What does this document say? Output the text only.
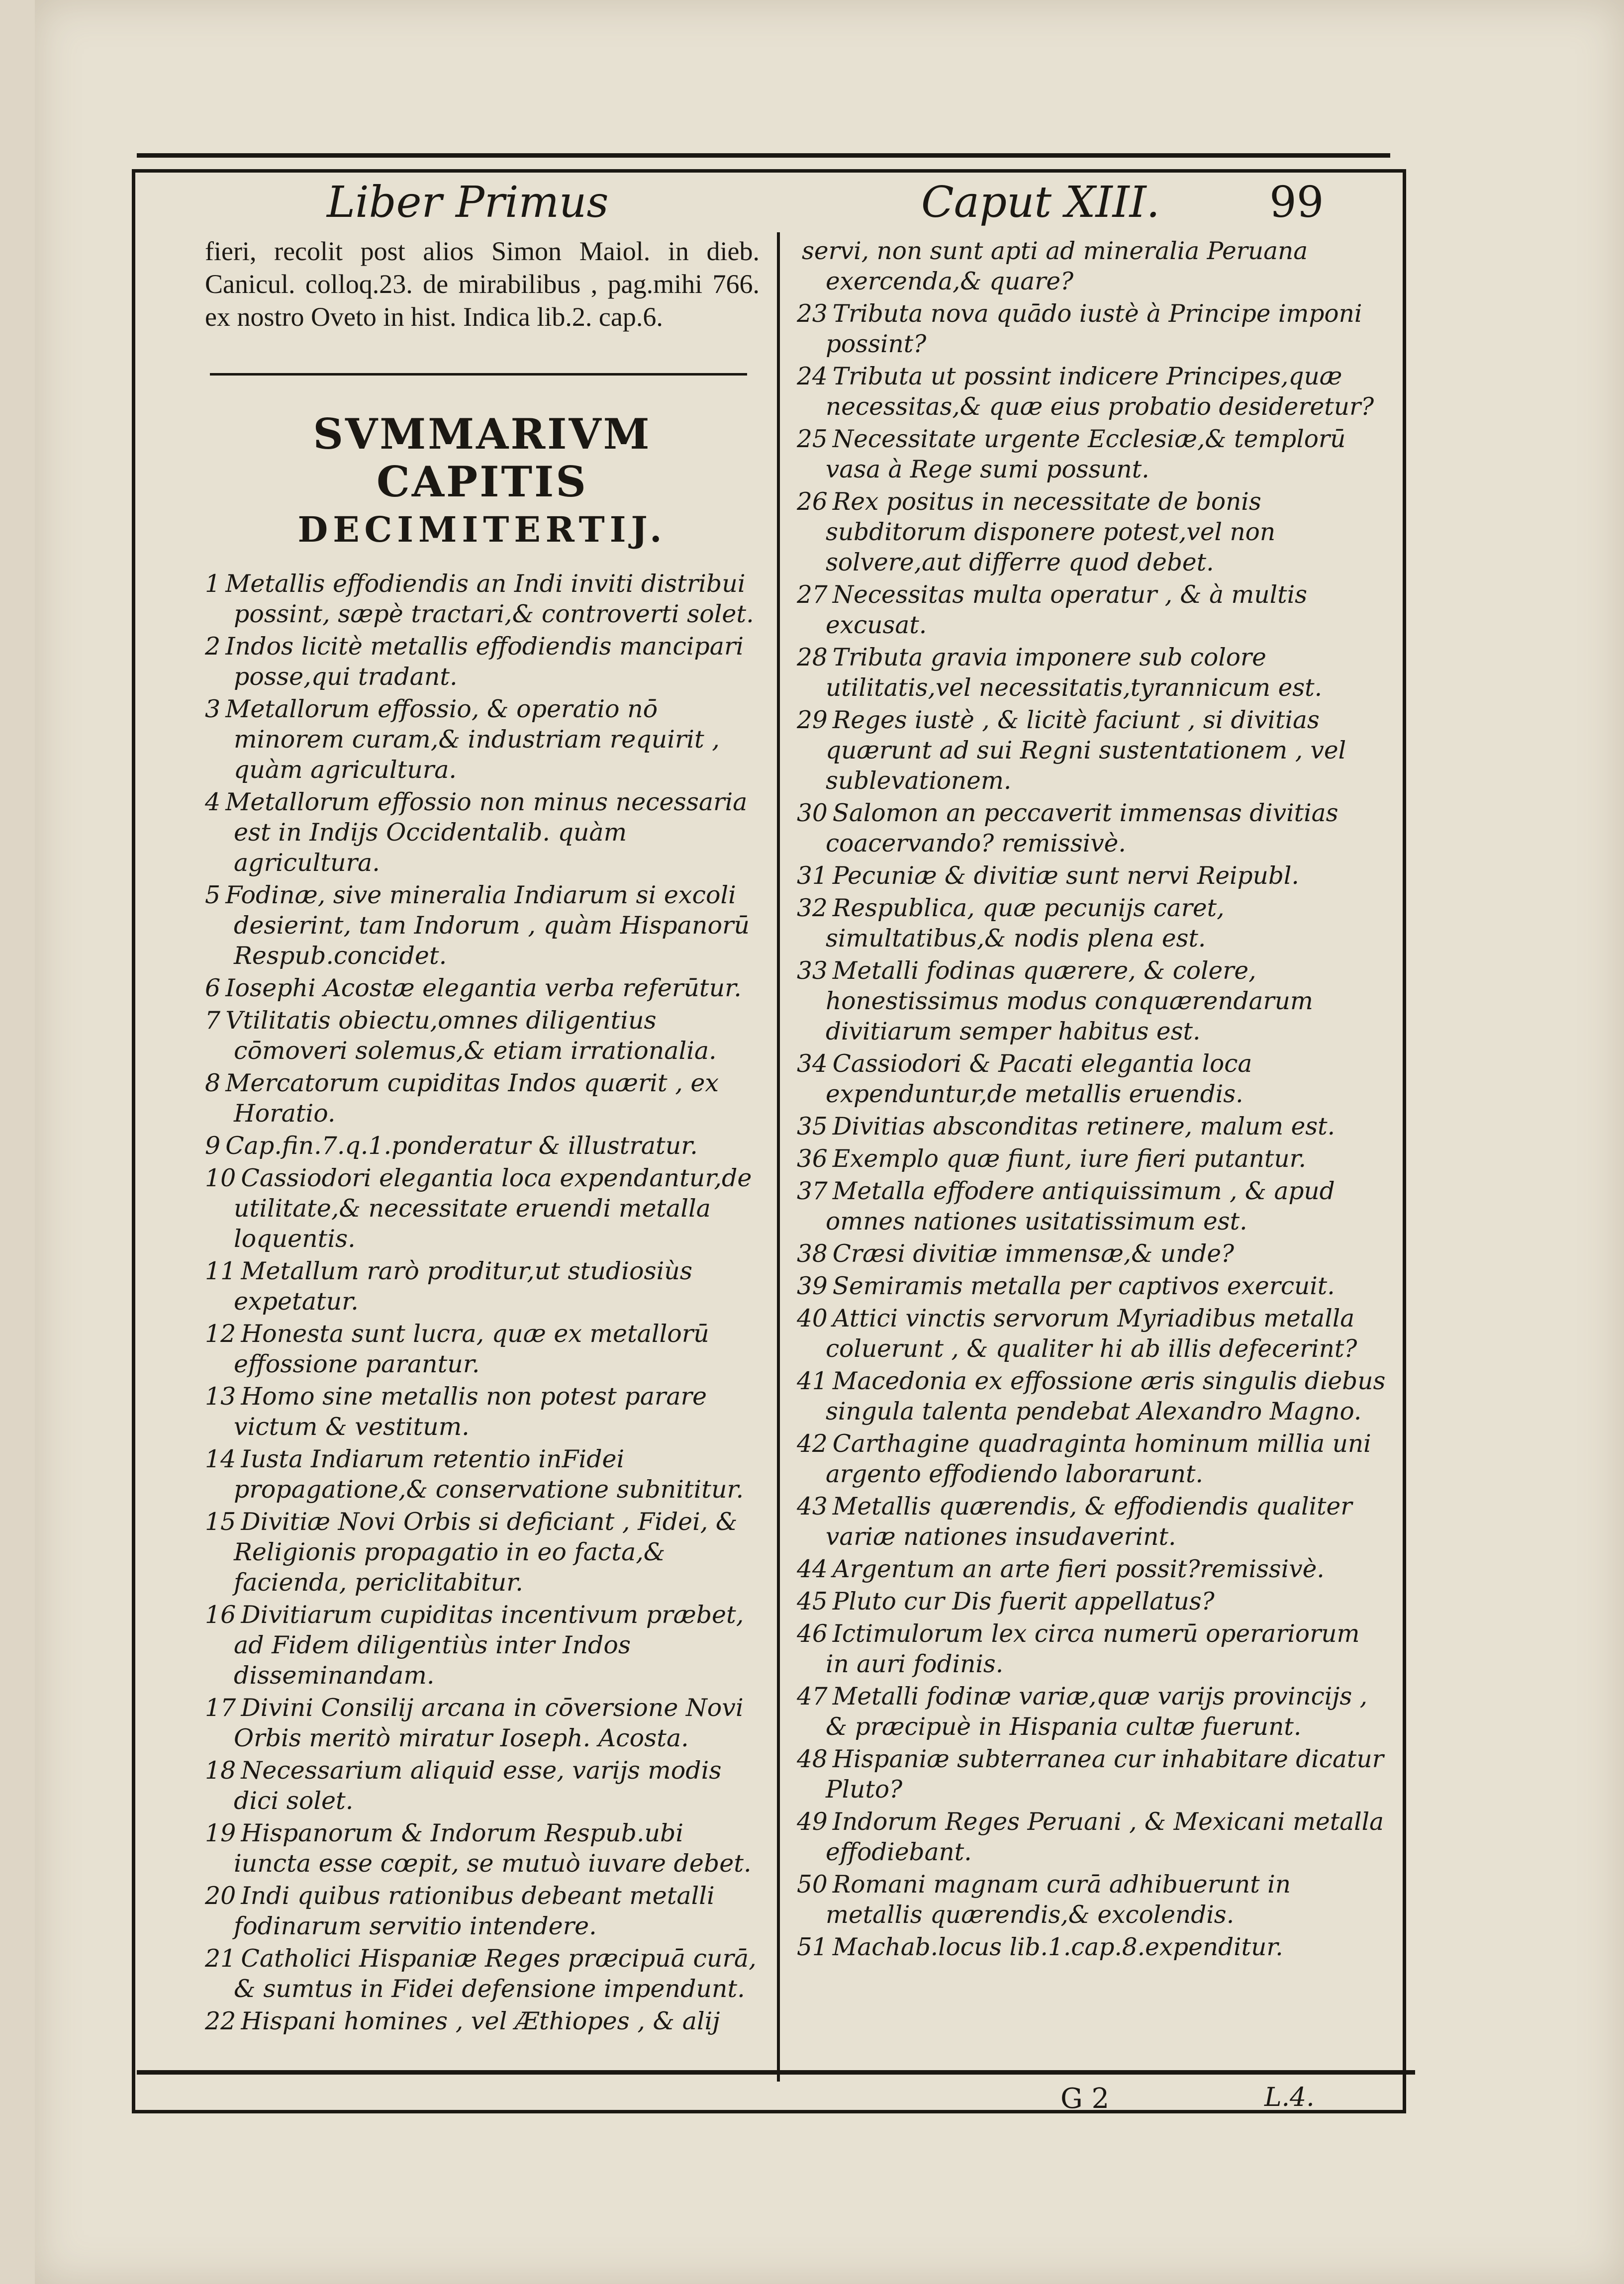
Liber Primus	Caput XIII.	99

fieri, recolit post alios Simon Maiol. in dieb. Canicul. colloq.23. de mirabilibus , pag.mihi 766. ex nostro Oveto in hist. Indica lib.2. cap.6.

SVMMARIVM CAPITIS
DECIMITERTIJ.
1 Metallis effodiendis an Indi inviti distribui possint, sæpè tractari,& controverti solet.
2 Indos licitè metallis effodiendis mancipari posse,qui tradant.
3 Metallorum effossio, & operatio nō minorem curam,& industriam requirit , quàm agricultura.
4 Metallorum effossio non minus necessaria est in Indijs Occidentalib. quàm agricultura.
5 Fodinæ, sive mineralia Indiarum si excoli desierint, tam Indorum , quàm Hispanorū Respub.concidet.
6 Iosephi Acostæ elegantia verba referūtur.
7 Vtilitatis obiectu,omnes diligentius cōmoveri solemus,& etiam irrationalia.
8 Mercatorum cupiditas Indos quærit , ex Horatio.
9 Cap.fin.7.q.1.ponderatur & illustratur.
10 Cassiodori elegantia loca expendantur,de utilitate,& necessitate eruendi metalla loquentis.
11 Metallum rarò proditur,ut studiosiùs expetatur.
12 Honesta sunt lucra, quæ ex metallorū effossione parantur.
13 Homo sine metallis non potest parare victum & vestitum.
14 Iusta Indiarum retentio inFidei propagatione,& conservatione subnititur.
15 Divitiæ Novi Orbis si deficiant , Fidei, & Religionis propagatio in eo facta,& facienda, periclitabitur.
16 Divitiarum cupiditas incentivum præbet, ad Fidem diligentiùs inter Indos disseminandam.
17 Divini Consilij arcana in cōversione Novi Orbis meritò miratur Ioseph. Acosta.
18 Necessarium aliquid esse, varijs modis dici solet.
19 Hispanorum & Indorum Respub.ubi iuncta esse cœpit, se mutuò iuvare debet.
20 Indi quibus rationibus debeant metalli fodinarum servitio intendere.
21 Catholici Hispaniæ Reges præcipuā curā, & sumtus in Fidei defensione impendunt.
22 Hispani homines , vel Æthiopes , & alij
servi, non sunt apti ad mineralia Peruana exercenda,& quare?
23 Tributa nova quādo iustè à Principe imponi possint?
24 Tributa ut possint indicere Principes,quæ necessitas,& quæ eius probatio desideretur?
25 Necessitate urgente Ecclesiæ,& templorū vasa à Rege sumi possunt.
26 Rex positus in necessitate de bonis subditorum disponere potest,vel non solvere,aut differre quod debet.
27 Necessitas multa operatur , & à multis excusat.
28 Tributa gravia imponere sub colore utilitatis,vel necessitatis,tyrannicum est.
29 Reges iustè , & licitè faciunt , si divitias quærunt ad sui Regni sustentationem , vel sublevationem.
30 Salomon an peccaverit immensas divitias coacervando? remissivè.
31 Pecuniæ & divitiæ sunt nervi Reipubl.
32 Respublica, quæ pecunijs caret, simultatibus,& nodis plena est.
33 Metalli fodinas quærere, & colere, honestissimus modus conquærendarum divitiarum semper habitus est.
34 Cassiodori & Pacati elegantia loca expenduntur,de metallis eruendis.
35 Divitias absconditas retinere, malum est.
36 Exemplo quæ fiunt, iure fieri putantur.
37 Metalla effodere antiquissimum , & apud omnes nationes usitatissimum est.
38 Cræsi divitiæ immensæ,& unde?
39 Semiramis metalla per captivos exercuit.
40 Attici vinctis servorum Myriadibus metalla coluerunt , & qualiter hi ab illis defecerint?
41 Macedonia ex effossione æris singulis diebus singula talenta pendebat Alexandro Magno.
42 Carthagine quadraginta hominum millia uni argento effodiendo laborarunt.
43 Metallis quærendis, & effodiendis qualiter variæ nationes insudaverint.
44 Argentum an arte fieri possit?remissivè.
45 Pluto cur Dis fuerit appellatus?
46 Ictimulorum lex circa numerū operariorum in auri fodinis.
47 Metalli fodinæ variæ,quæ varijs provincijs , & præcipuè in Hispania cultæ fuerunt.
48 Hispaniæ subterranea cur inhabitare dicatur Pluto?
49 Indorum Reges Peruani , & Mexicani metalla effodiebant.
50 Romani magnam curā adhibuerunt in metallis quærendis,& excolendis.
51 Machab.locus lib.1.cap.8.expenditur.
G 2	L.4.
